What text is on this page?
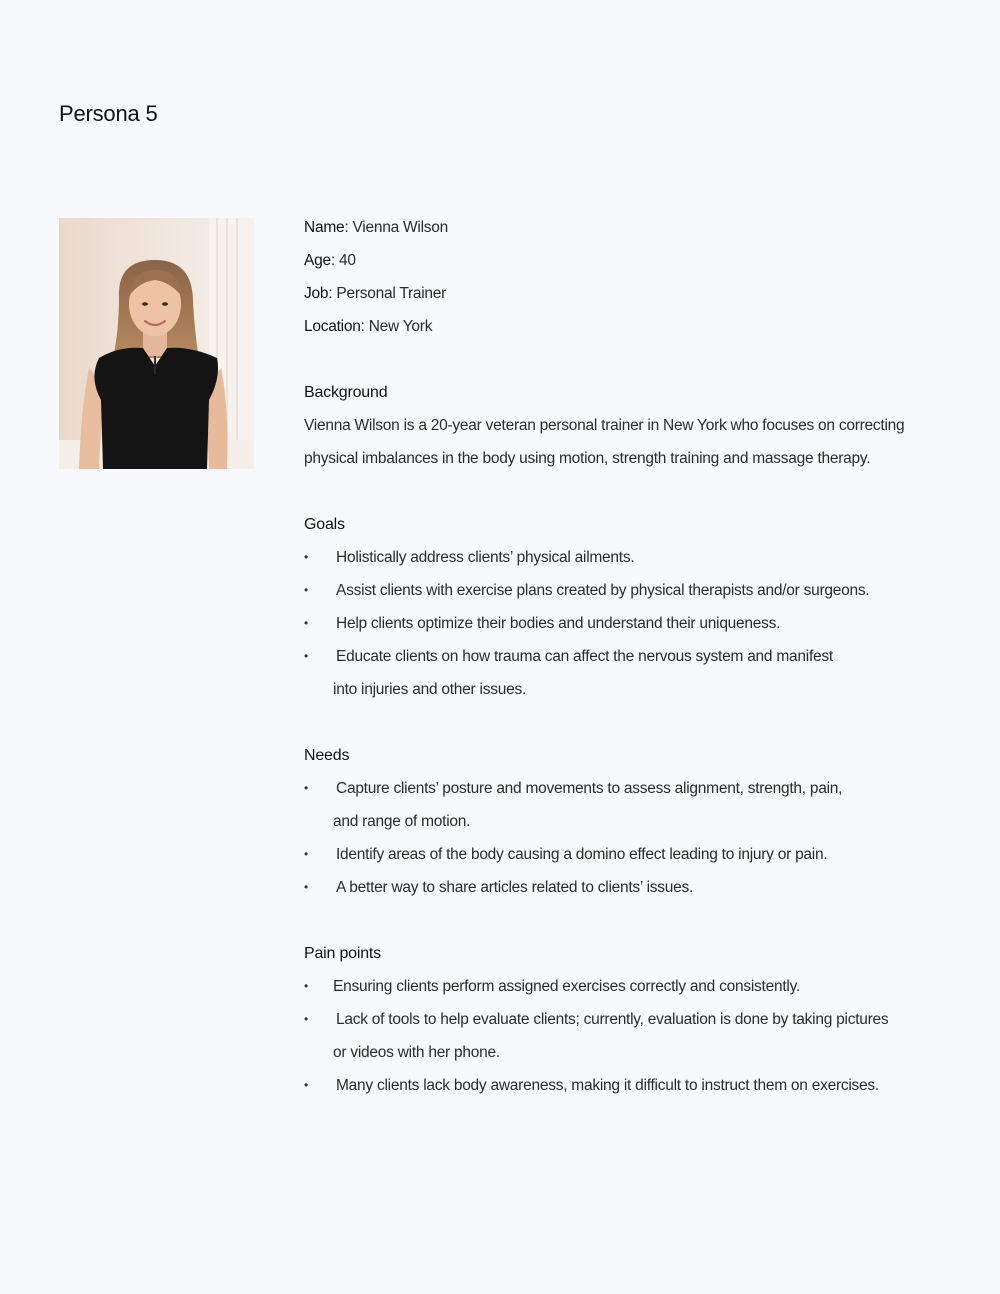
Persona 5
Name: Vienna Wilson
Age: 40
Job: Personal Trainer
Location: New York
Background
Vienna Wilson is a 20-year veteran personal trainer in New York who focuses on correcting
physical imbalances in the body using motion, strength training and massage therapy.
Goals
• Holistically address clients’ physical ailments.
• Assist clients with exercise plans created by physical therapists and/or surgeons.
• Help clients optimize their bodies and understand their uniqueness.
• Educate clients on how trauma can affect the nervous system and manifest
into injuries and other issues.
Needs
• Capture clients’ posture and movements to assess alignment, strength, pain,
and range of motion.
• Identify areas of the body causing a domino effect leading to injury or pain.
• A better way to share articles related to clients’ issues.
Pain points
• Ensuring clients perform assigned exercises correctly and consistently.
• Lack of tools to help evaluate clients; currently, evaluation is done by taking pictures
or videos with her phone.
• Many clients lack body awareness, making it difficult to instruct them on exercises.
